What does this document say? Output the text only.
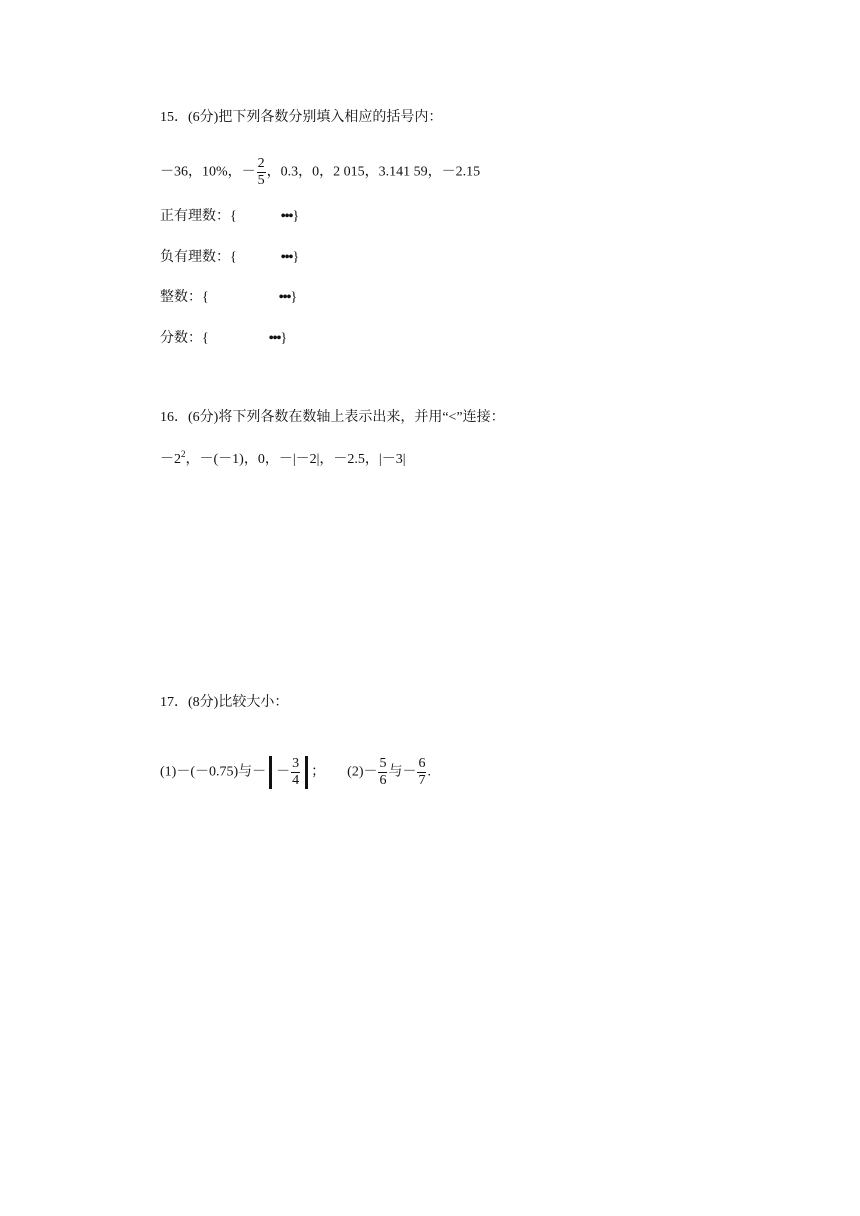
15．(6分)把下列各数分别填入相应的括号内：
－36，10%，－ $\frac{2}{5}$ ，0.3，0，2 015，3.141 59，－2.15
正有理数：{	•••}
负有理数：{	•••}
整数：{	•••}
分数：{	•••}
16．(6分)将下列各数在数轴上表示出来，并用“<”连接：
$-2^2$，－(－1)，0，－|－2|，－2.5，|－3|
17．(8分)比较大小：
(1)－(－0.75)与－ － $\frac{3}{4}$ ； $(2)- \frac{5}{6}$ 与－ $\frac{6}{7}$ .
